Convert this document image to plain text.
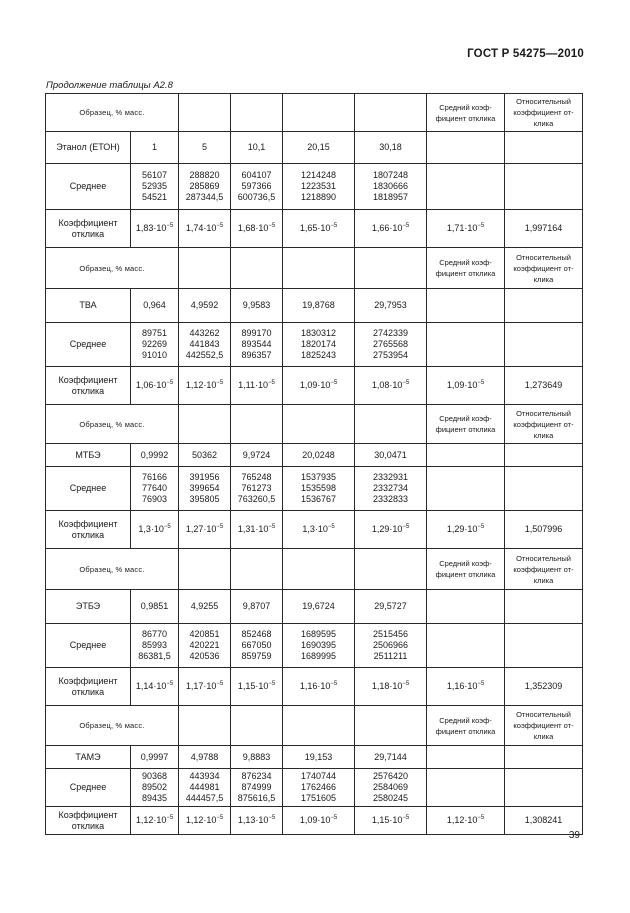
ГОСТ Р 54275—2010
Продолжение таблицы А2.8
Образец, % масс.						Средний коэф-фициент отклика	Относительный коэффициент от-клика
Этанол (ЕТОН)	1	5	10,1	20,15	30,18		
Среднее	56107
52935
54521	288820
285869
287344,5	604107
597366
600736,5	1214248
1223531
1218890	1807248
1830666
1818957		

Коэффициент отклика	$1,83\cdot 10^{-5}$	$1,74\cdot 10^{-5}$	$1,68\cdot 10^{-5}$	$1,65\cdot 10^{-5}$	$1,66\cdot 10^{-5}$	$1,71\cdot 10^{-5}$	1,997164
Образец, % масс.						Средний коэф-фициент отклика	Относительный коэффициент от-клика
ТВА	0,964	4,9592	9,9583	19,8768	29,7953		
Среднее	89751
92269
91010	443262
441843
442552,5	899170
893544
896357	1830312
1820174
1825243	2742339
2765568
2753954		

Коэффициент отклика	$1,06\cdot 10^{-5}$	$1,12\cdot 10^{-5}$	$1,11\cdot 10^{-5}$	$1,09\cdot 10^{-5}$	$1,08\cdot 10^{-5}$	$1,09\cdot 10^{-5}$	1,273649
Образец, % масс.						Средний коэф-фициент отклика	Относительный коэффициент от-клика
МТБЭ	0,9992	50362	9,9724	20,0248	30,0471		
Среднее	76166
77640
76903	391956
399654
395805	765248
761273
763260,5	1537935
1535598
1536767	2332931
2332734
2332833		

Коэффициент отклика	$1,3\cdot 10^{-5}$	$1,27\cdot 10^{-5}$	$1,31\cdot 10^{-5}$	$1,3\cdot 10^{-5}$	$1,29\cdot 10^{-5}$	$1,29\cdot 10^{-5}$	1,507996
Образец, % масс.						Средний коэф-фициент отклика	Относительный коэффициент от-клика
ЭТБЭ	0,9851	4,9255	9,8707	19,6724	29,5727		
Среднее	86770
85993
86381,5	420851
420221
420536	852468
667050
859759	1689595
1690395
1689995	2515456
2506966
2511211		

Коэффициент отклика	$1,14\cdot 10^{-5}$	$1,17\cdot 10^{-5}$	$1,15\cdot 10^{-5}$	$1,16\cdot 10^{-5}$	$1,18\cdot 10^{-5}$	$1,16\cdot 10^{-5}$	1,352309
Образец, % масс.						Средний коэф-фициент отклика	Относительный коэффициент от-клика
ТАМЭ	0,9997	4,9788	9,8883	19,153	29,7144		
Среднее	90368
89502
89435	443934
444981
444457,5	876234
874999
875616,5	1740744
1762466
1751605	2576420
2584069
2580245		

Коэффициент отклика	$1,12\cdot 10^{-5}$	$1,12\cdot 10^{-5}$	$1,13\cdot 10^{-5}$	$1,09\cdot 10^{-5}$	$1,15\cdot 10^{-5}$	$1,12\cdot 10^{-5}$	1,308241
39
